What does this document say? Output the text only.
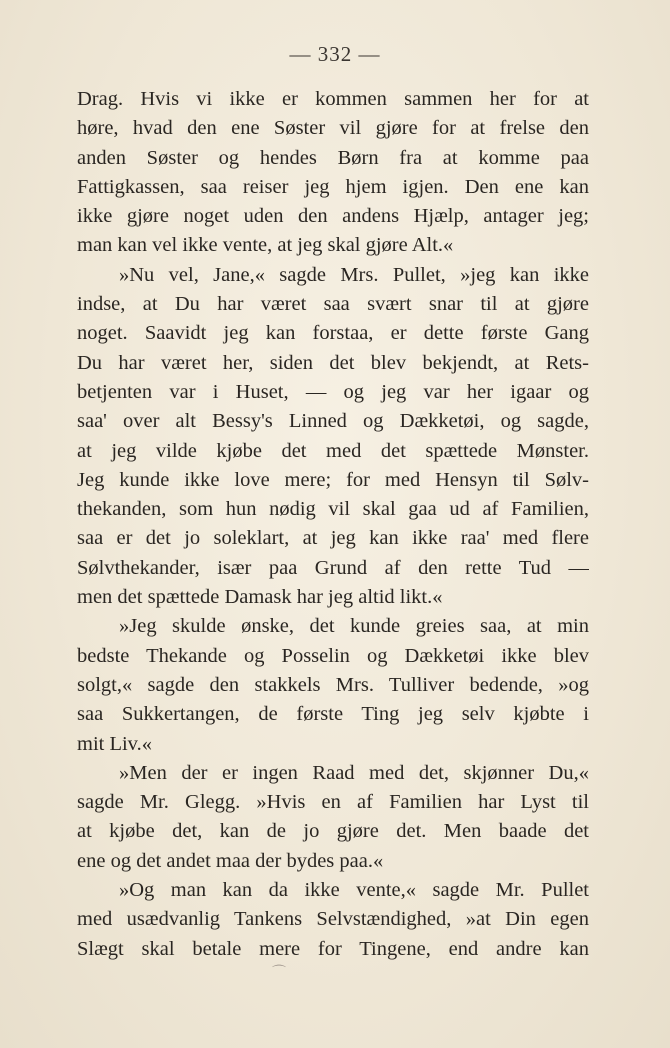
— 332 —
Drag. Hvis vi ikke er kommen sammen her for at
høre, hvad den ene Søster vil gjøre for at frelse den
anden Søster og hendes Børn fra at komme paa
Fattigkassen, saa reiser jeg hjem igjen. Den ene kan
ikke gjøre noget uden den andens Hjælp, antager jeg;
man kan vel ikke vente, at jeg skal gjøre Alt.«
»Nu vel, Jane,« sagde Mrs. Pullet, »jeg kan ikke
indse, at Du har været saa svært snar til at gjøre
noget. Saavidt jeg kan forstaa, er dette første Gang
Du har været her, siden det blev bekjendt, at Rets-
betjenten var i Huset, — og jeg var her igaar og
saa' over alt Bessy's Linned og Dækketøi, og sagde,
at jeg vilde kjøbe det med det spættede Mønster.
Jeg kunde ikke love mere; for med Hensyn til Sølv-
thekanden, som hun nødig vil skal gaa ud af Familien,
saa er det jo soleklart, at jeg kan ikke raa' med flere
Sølvthekander, især paa Grund af den rette Tud —
men det spættede Damask har jeg altid likt.«
»Jeg skulde ønske, det kunde greies saa, at min
bedste Thekande og Posselin og Dækketøi ikke blev
solgt,« sagde den stakkels Mrs. Tulliver bedende, »og
saa Sukkertangen, de første Ting jeg selv kjøbte i
mit Liv.«
»Men der er ingen Raad med det, skjønner Du,«
sagde Mr. Glegg. »Hvis en af Familien har Lyst til
at kjøbe det, kan de jo gjøre det. Men baade det
ene og det andet maa der bydes paa.«
»Og man kan da ikke vente,« sagde Mr. Pullet
med usædvanlig Tankens Selvstændighed, »at Din egen
Slægt skal betale mere for Tingene, end andre kan
⌒
